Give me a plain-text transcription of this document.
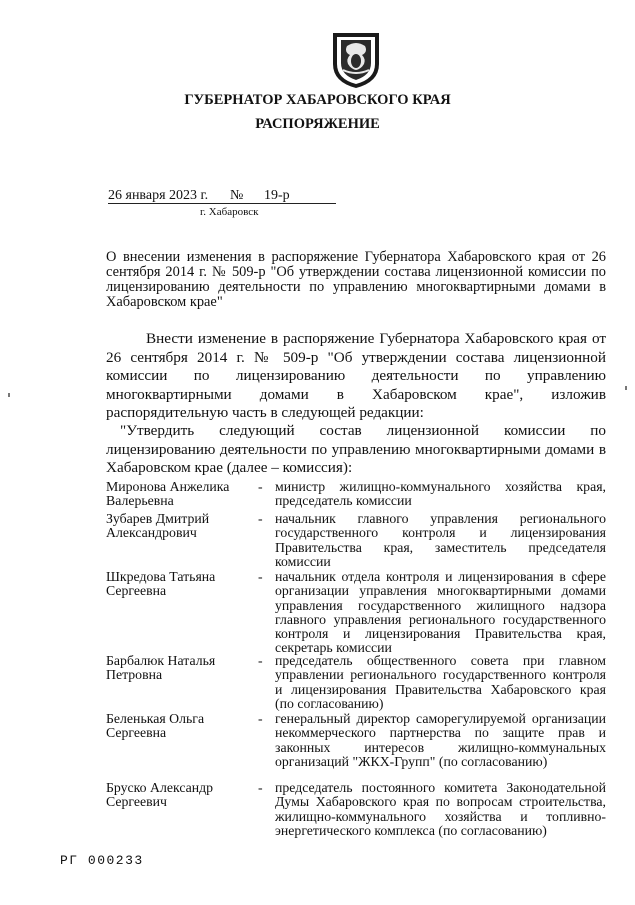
ГУБЕРНАТОР ХАБАРОВСКОГО КРАЯ
РАСПОРЯЖЕНИЕ
26 января 2023 г. № 19-р
г. Хабаровск
О внесении изменения в распоряжение Губернатора Хабаровского края от 26 сентября 2014 г. № 509-р "Об утверждении состава лицензионной комиссии по лицензированию деятельности по управлению многоквартирными домами в Хабаровском крае"
Внести изменение в распоряжение Губернатора Хабаровского края от 26 сентября 2014 г. № 509-р "Об утверждении состава лицензионной комиссии по лицензированию деятельности по управлению многоквартирными домами в Хабаровском крае", изложив распорядительную часть в следующей редакции:
"Утвердить следующий состав лицензионной комиссии по лицензированию деятельности по управлению многоквартирными домами в Хабаровском крае (далее – комиссия):
Миронова Анжелика Валерьевна
- министр жилищно-коммунального хозяйства края, председатель комиссии
Зубарев Дмитрий Александрович
- начальник главного управления регионального государственного контроля и лицензирования Правительства края, заместитель председателя комиссии
Шкредова Татьяна Сергеевна
- начальник отдела контроля и лицензирования в сфере организации управления многоквартирными домами управления государственного жилищного надзора главного управления регионального государственного контроля и лицензирования Правительства края, секретарь комиссии
Барбалюк Наталья Петровна
- председатель общественного совета при главном управлении регионального государственного контроля и лицензирования Правительства Хабаровского края (по согласованию)
Беленькая Ольга Сергеевна
- генеральный директор саморегулируемой организации некоммерческого партнерства по защите прав и законных интересов жилищно-коммунальных организаций "ЖКХ-Групп" (по согласованию)
Бруско Александр Сергеевич
- председатель постоянного комитета Законодательной Думы Хабаровского края по вопросам строительства, жилищно-коммунального хозяйства и топливно-энергетического комплекса (по согласованию)
РГ 000233
